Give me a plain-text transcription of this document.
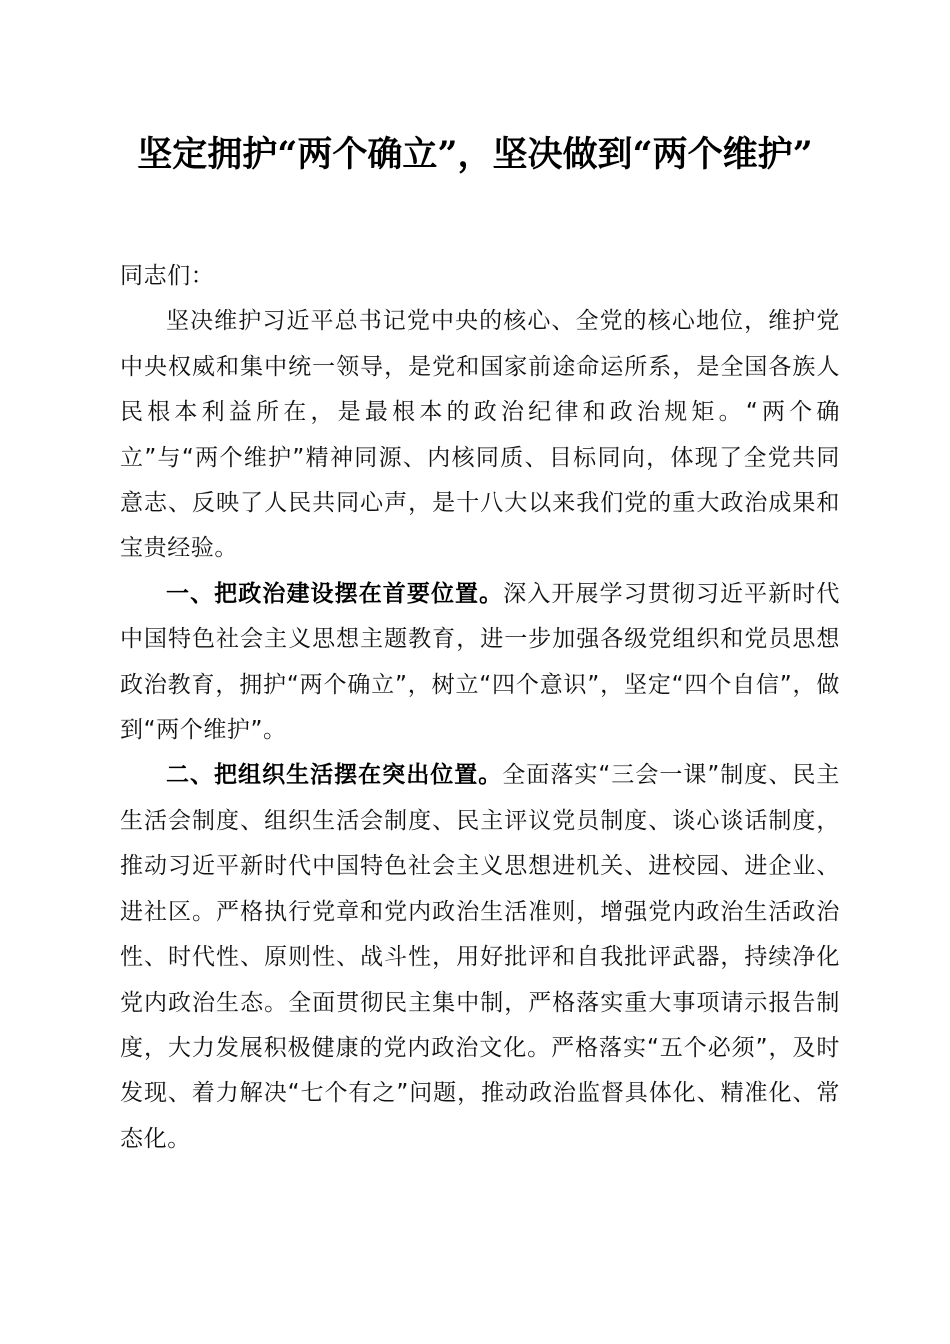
坚定拥护“两个确立”，坚决做到“两个维护”

同志们：

坚决维护习近平总书记党中央的核心、全党的核心地位，维护党中央权威和集中统一领导，是党和国家前途命运所系，是全国各族人民根本利益所在，是最根本的政治纪律和政治规矩。“两个确立”与“两个维护”精神同源、内核同质、目标同向，体现了全党共同意志、反映了人民共同心声，是十八大以来我们党的重大政治成果和宝贵经验。

一、把政治建设摆在首要位置。深入开展学习贯彻习近平新时代中国特色社会主义思想主题教育，进一步加强各级党组织和党员思想政治教育，拥护“两个确立”，树立“四个意识”，坚定“四个自信”，做到“两个维护”。

二、把组织生活摆在突出位置。全面落实“三会一课”制度、民主生活会制度、组织生活会制度、民主评议党员制度、谈心谈话制度，推动习近平新时代中国特色社会主义思想进机关、进校园、进企业、进社区。严格执行党章和党内政治生活准则，增强党内政治生活政治性、时代性、原则性、战斗性，用好批评和自我批评武器，持续净化党内政治生态。全面贯彻民主集中制，严格落实重大事项请示报告制度，大力发展积极健康的党内政治文化。严格落实“五个必须”，及时发现、着力解决“七个有之”问题，推动政治监督具体化、精准化、常态化。
